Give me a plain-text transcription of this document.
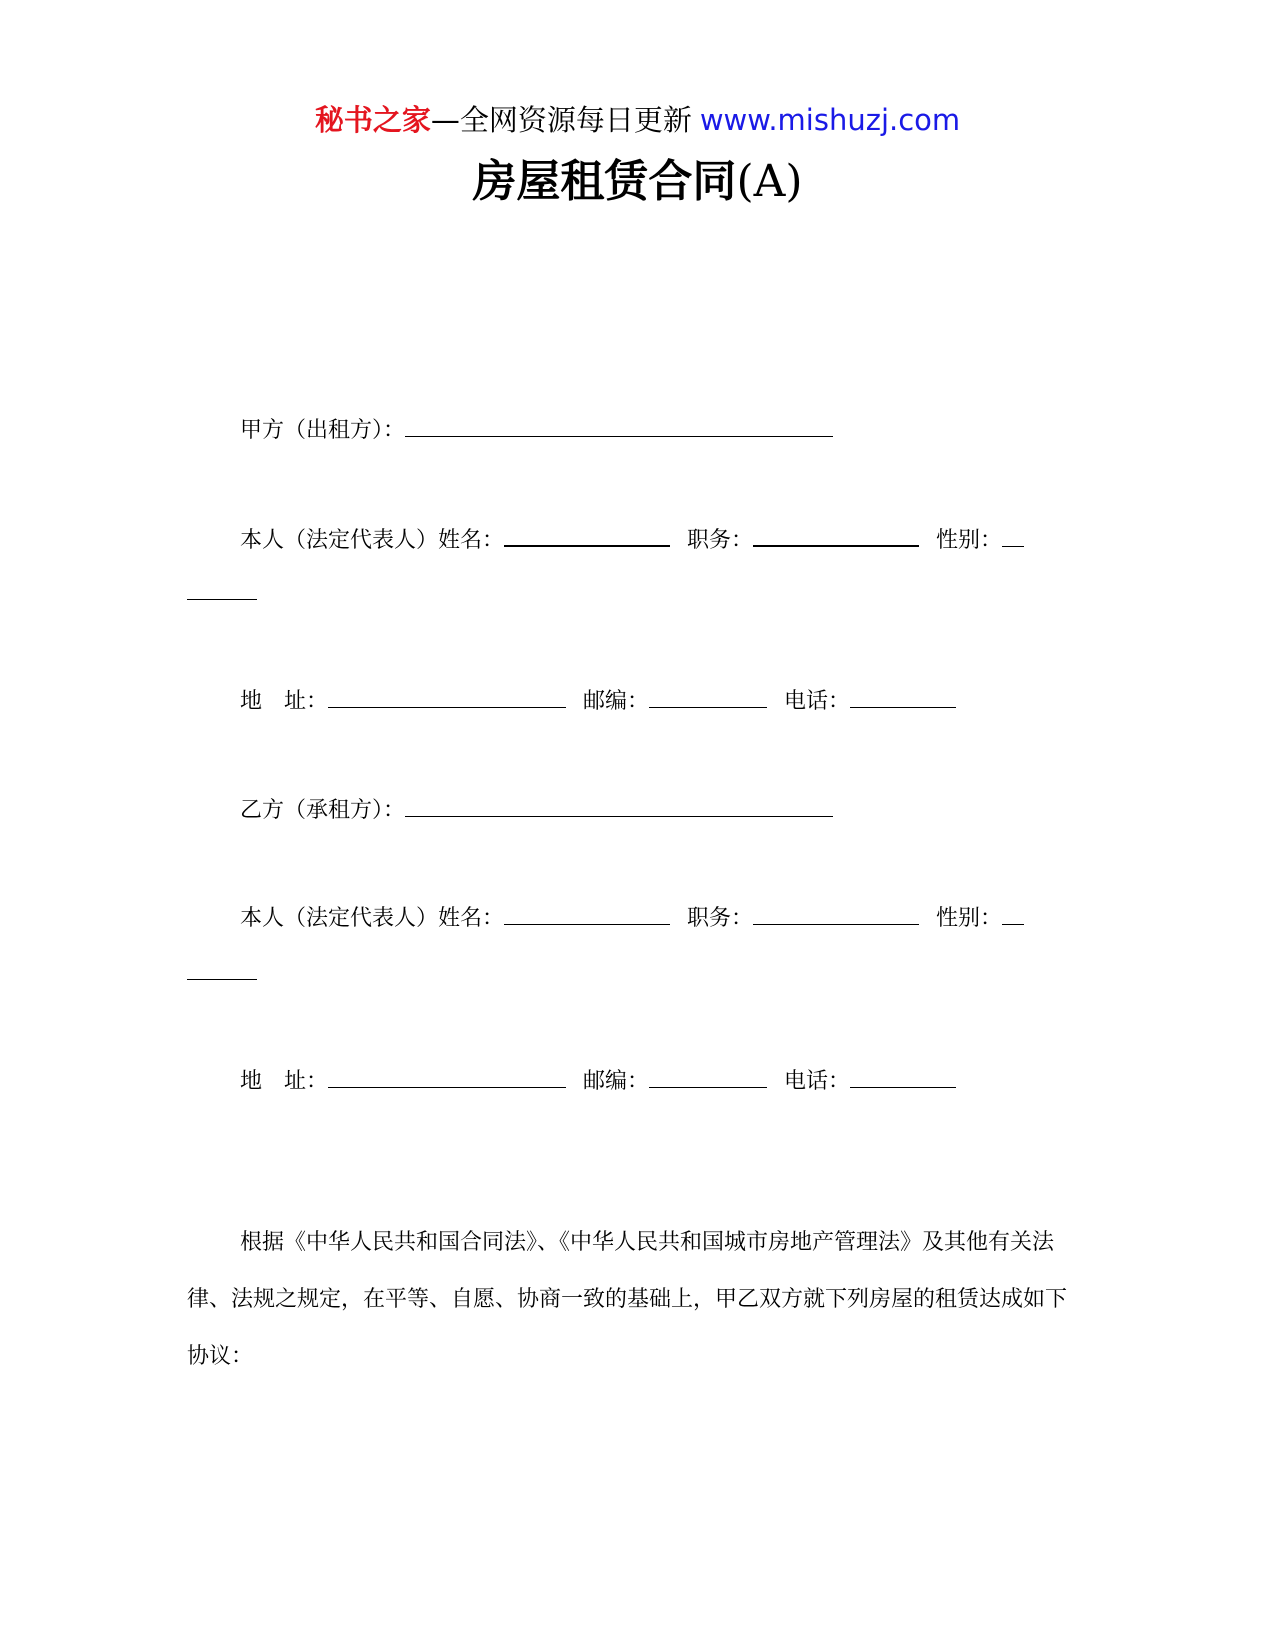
秘书之家—全网资源每日更新 www.mishuzj.com
房屋租赁合同(A)
甲方（出租方）：
本人（法定代表人）姓名：	职务：	性别：
地　址：	邮编：	电话：
乙方（承租方）：
本人（法定代表人）姓名：	职务：	性别：
地　址：	邮编：	电话：
根据《中华人民共和国合同法》、《中华人民共和国城市房地产管理法》及其他有关法律、法规之规定，在平等、自愿、协商一致的基础上，甲乙双方就下列房屋的租赁达成如下协议：
